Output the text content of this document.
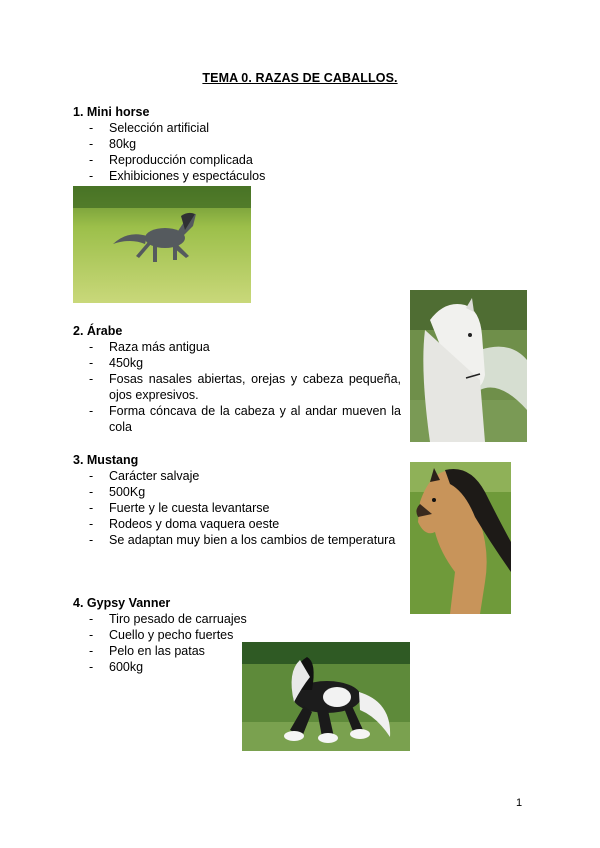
TEMA 0. RAZAS DE CABALLOS.
1. Mini horse
- Selección artificial
- 80kg
- Reproducción complicada
- Exhibiciones y espectáculos
2. Árabe
- Raza más antigua
- 450kg
- Fosas nasales abiertas, orejas y cabeza pequeña, ojos expresivos.
- Forma cóncava de la cabeza y al andar mueven la cola
3. Mustang
- Carácter salvaje
- 500Kg
- Fuerte y le cuesta levantarse
- Rodeos y doma vaquera oeste
- Se adaptan muy bien a los cambios de temperatura
4. Gypsy Vanner
- Tiro pesado de carruajes
- Cuello y pecho fuertes
- Pelo en las patas
- 600kg
1
